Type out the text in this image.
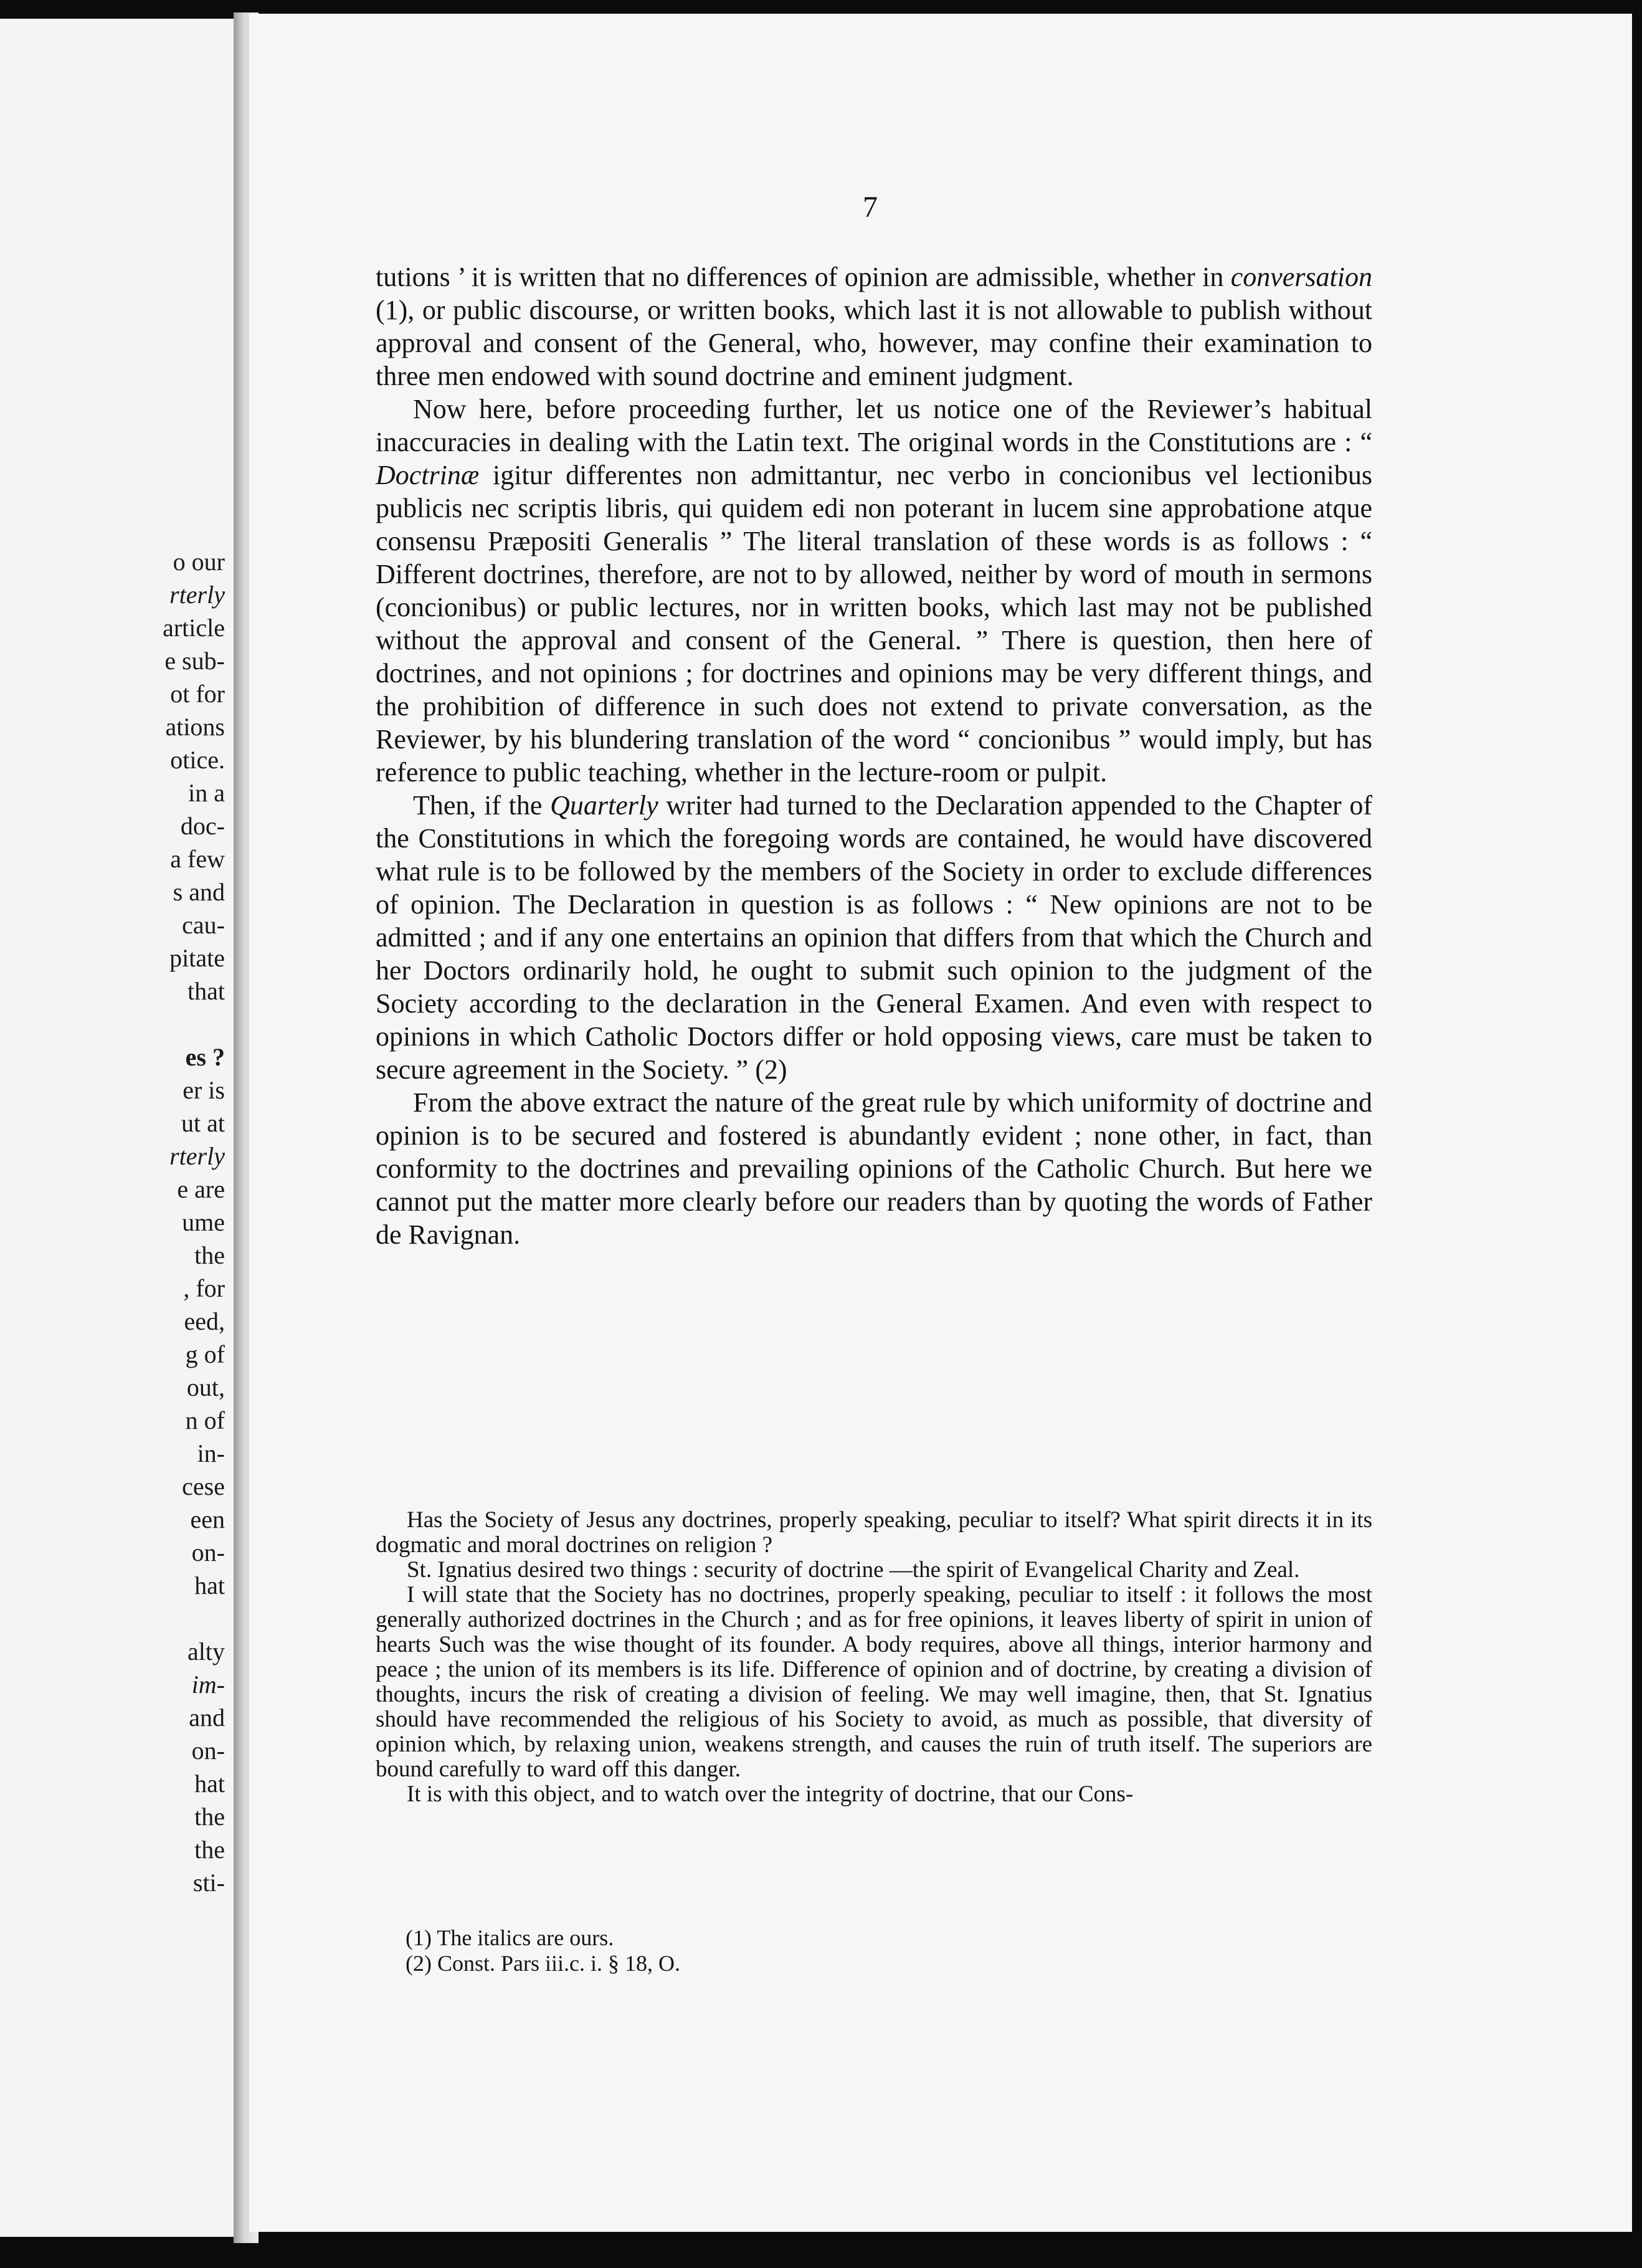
o our
rterly
article
e sub-
ot for
ations
otice.
in a
doc-
a few
s and
cau-
pitate
that
es ?
er is
ut at
rterly
e are
ume
the
, for
eed,
g of
out,
n of
in-
cese
een
on-
hat
alty
im-
and
on-
hat
the
the
sti-
7

tutions ’ it is written that no differences of opinion are admissible, whether in conversation (1), or public discourse, or written books, which last it is not allowable to publish without approval and consent of the General, who, however, may confine their examination to three men endowed with sound doctrine and eminent judgment.

Now here, before proceeding further, let us notice one of the Reviewer’s habitual inaccuracies in dealing with the Latin text. The original words in the Constitutions are : “ Doctrinæ igitur differentes non admittantur, nec verbo in concionibus vel lectionibus publicis nec scriptis libris, qui quidem edi non poterant in lucem sine approbatione atque consensu Præpositi Generalis ” The literal translation of these words is as follows : “ Different doctrines, therefore, are not to by allowed, neither by word of mouth in sermons (concionibus) or public lectures, nor in written books, which last may not be published without the approval and consent of the General. ” There is question, then here of doctrines, and not opinions ; for doctrines and opinions may be very different things, and the prohibition of difference in such does not extend to private conversation, as the Reviewer, by his blundering translation of the word “ concionibus ” would imply, but has reference to public teaching, whether in the lecture-room or pulpit.

Then, if the Quarterly writer had turned to the Declaration appended to the Chapter of the Constitutions in which the foregoing words are contained, he would have discovered what rule is to be followed by the members of the Society in order to exclude differences of opinion. The Declaration in question is as follows : “ New opinions are not to be admitted ; and if any one entertains an opinion that differs from that which the Church and her Doctors ordinarily hold, he ought to submit such opinion to the judgment of the Society according to the declaration in the General Examen. And even with respect to opinions in which Catholic Doctors differ or hold opposing views, care must be taken to secure agreement in the Society. ” (2)

From the above extract the nature of the great rule by which uniformity of doctrine and opinion is to be secured and fostered is abundantly evident ; none other, in fact, than conformity to the doctrines and prevailing opinions of the Catholic Church. But here we cannot put the matter more clearly before our readers than by quoting the words of Father de Ravignan.

Has the Society of Jesus any doctrines, properly speaking, peculiar to itself? What spirit directs it in its dogmatic and moral doctrines on religion ?

St. Ignatius desired two things : security of doctrine —the spirit of Evangelical Charity and Zeal.

I will state that the Society has no doctrines, properly speaking, peculiar to itself : it follows the most generally authorized doctrines in the Church ; and as for free opinions, it leaves liberty of spirit in union of hearts Such was the wise thought of its founder. A body requires, above all things, interior harmony and peace ; the union of its members is its life. Difference of opinion and of doctrine, by creating a division of thoughts, incurs the risk of creating a division of feeling. We may well imagine, then, that St. Ignatius should have recommended the religious of his Society to avoid, as much as possible, that diversity of opinion which, by relaxing union, weakens strength, and causes the ruin of truth itself. The superiors are bound carefully to ward off this danger.

It is with this object, and to watch over the integrity of doctrine, that our Cons-

(1) The italics are ours.
(2) Const. Pars iii.c. i. § 18, O.
